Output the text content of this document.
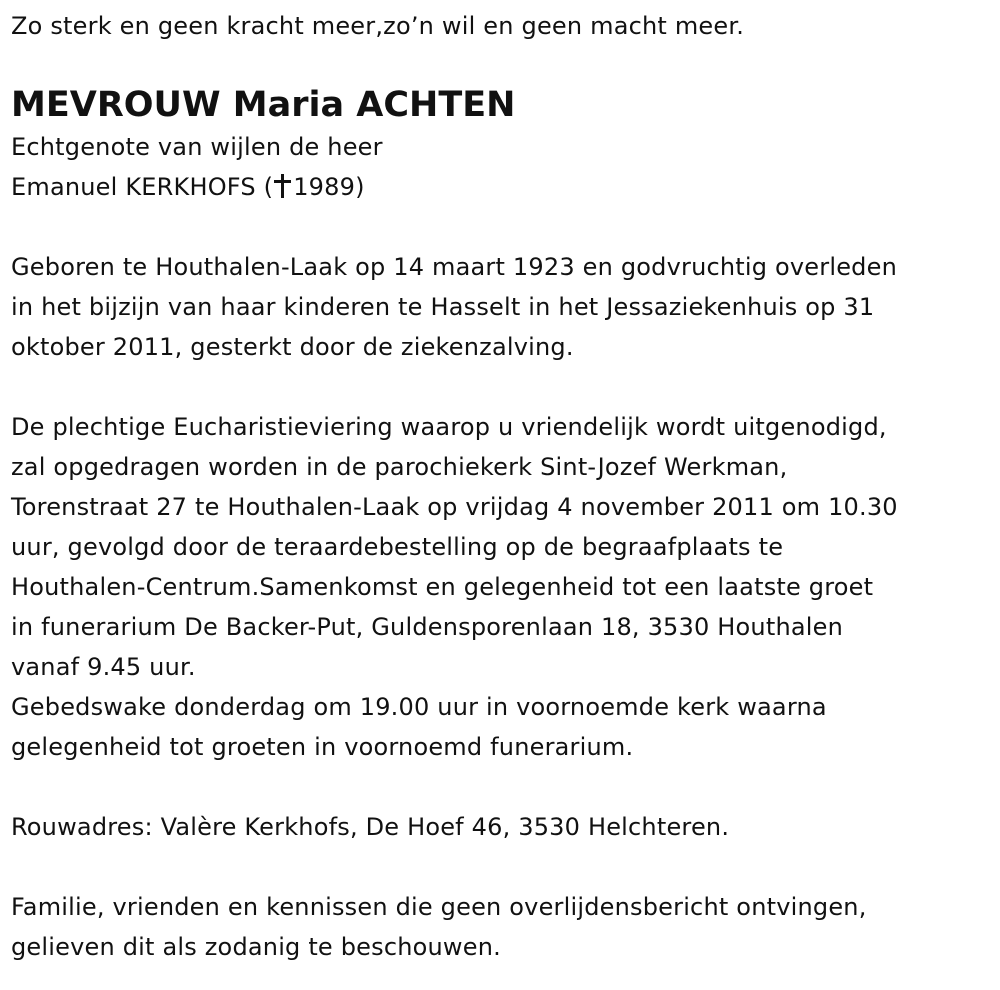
Zo sterk en geen kracht meer,zo’n wil en geen macht meer.
MEVROUW Maria ACHTEN
Echtgenote van wijlen de heer
Emanuel KERKHOFS ( 1989)
Geboren te Houthalen-Laak op 14 maart 1923 en godvruchtig overleden
in het bijzijn van haar kinderen te Hasselt in het Jessaziekenhuis op 31
oktober 2011, gesterkt door de ziekenzalving.
De plechtige Eucharistieviering waarop u vriendelijk wordt uitgenodigd,
zal opgedragen worden in de parochiekerk Sint-Jozef Werkman,
Torenstraat 27 te Houthalen-Laak op vrijdag 4 november 2011 om 10.30
uur, gevolgd door de teraardebestelling op de begraafplaats te
Houthalen-Centrum.Samenkomst en gelegenheid tot een laatste groet
in funerarium De Backer-Put, Guldensporenlaan 18, 3530 Houthalen
vanaf 9.45 uur.
Gebedswake donderdag om 19.00 uur in voornoemde kerk waarna
gelegenheid tot groeten in voornoemd funerarium.
Rouwadres: Valère Kerkhofs, De Hoef 46, 3530 Helchteren.
Familie, vrienden en kennissen die geen overlijdensbericht ontvingen,
gelieven dit als zodanig te beschouwen.
